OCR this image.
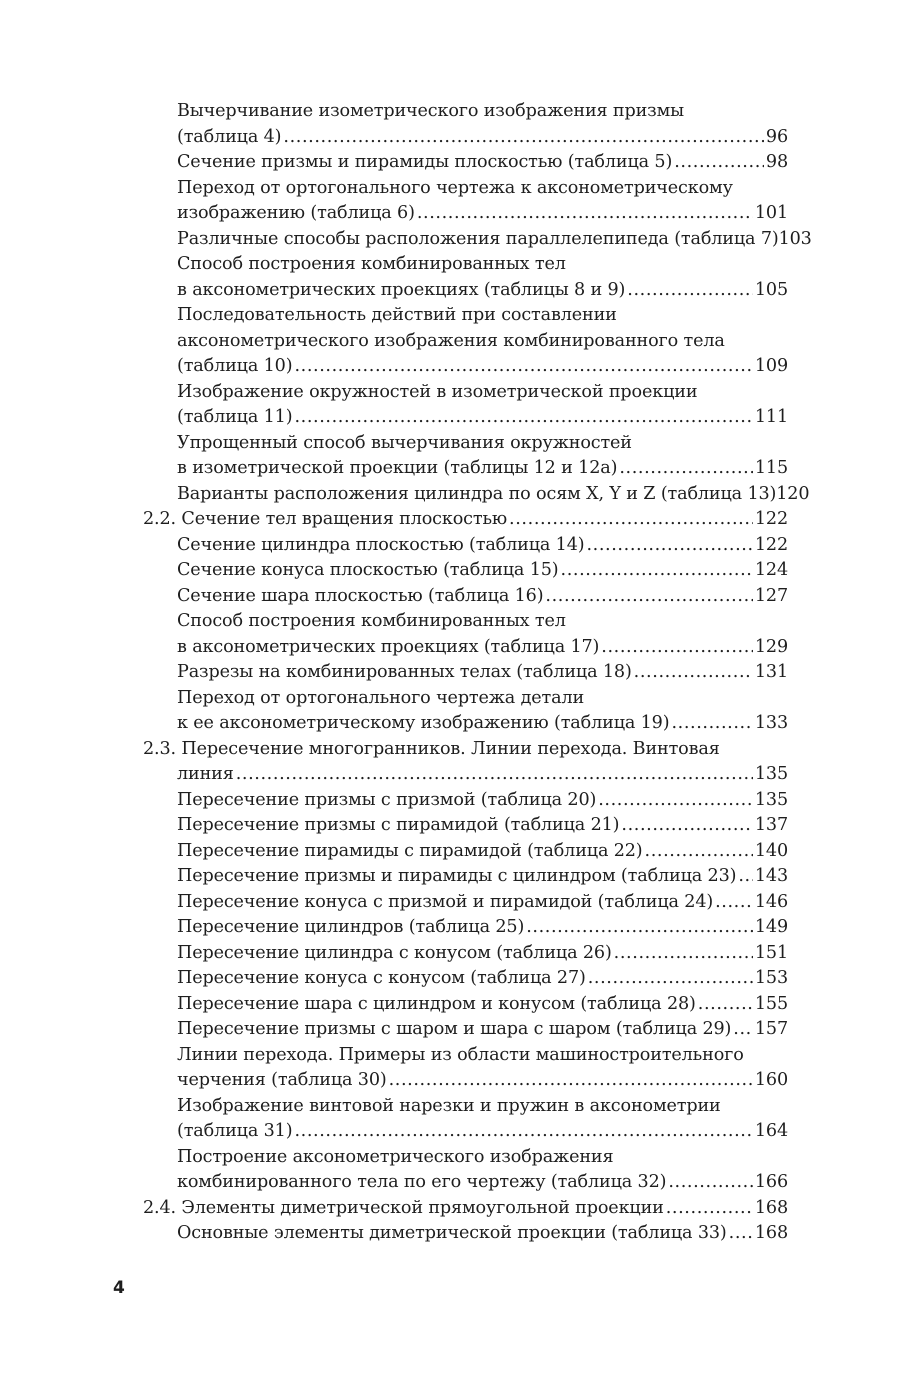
Вычерчивание изометрического изображения призмы
(таблица 4) .....	96
Сечение призмы и пирамиды плоскостью (таблица 5) .....	98
Переход от ортогонального чертежа к аксонометрическому
изображению (таблица 6) .....	101
Различные способы расположения параллелепипеда (таблица 7) 103
Способ построения комбинированных тел
в аксонометрических проекциях (таблицы 8 и 9) .....	105
Последовательность действий при составлении
аксонометрического изображения комбинированного тела
(таблица 10) .....	109
Изображение окружностей в изометрической проекции
(таблица 11) .....	111
Упрощенный способ вычерчивания окружностей
в изометрической проекции (таблицы 12 и 12а) .....	115
Варианты расположения цилиндра по осям X, Y и Z (таблица 13) 120
2.2. Сечение тел вращения плоскостью .....	122
Сечение цилиндра плоскостью (таблица 14) .....	122
Сечение конуса плоскостью (таблица 15) .....	124
Сечение шара плоскостью (таблица 16) .....	127
Способ построения комбинированных тел
в аксонометрических проекциях (таблица 17) .....	129
Разрезы на комбинированных телах (таблица 18) .....	131
Переход от ортогонального чертежа детали
к ее аксонометрическому изображению (таблица 19) .....	133
2.3. Пересечение многогранников. Линии перехода. Винтовая
линия .....	135
Пересечение призмы с призмой (таблица 20) .....	135
Пересечение призмы с пирамидой (таблица 21) .....	137
Пересечение пирамиды с пирамидой (таблица 22) .....	140
Пересечение призмы и пирамиды с цилиндром (таблица 23) ..... 143
Пересечение конуса с призмой и пирамидой (таблица 24) ..... 146
Пересечение цилиндров (таблица 25) .....	149
Пересечение цилиндра с конусом (таблица 26) .....	151
Пересечение конуса с конусом (таблица 27) .....	153
Пересечение шара с цилиндром и конусом (таблица 28) .....	155
Пересечение призмы с шаром и шара с шаром (таблица 29) ..... 157
Линии перехода. Примеры из области машиностроительного
черчения (таблица 30) .....	160
Изображение винтовой нарезки и пружин в аксонометрии
(таблица 31) .....	164
Построение аксонометрического изображения
комбинированного тела по его чертежу (таблица 32) .....	166
2.4. Элементы диметрической прямоугольной проекции .....	168
Основные элементы диметрической проекции (таблица 33) ..... 168
4
